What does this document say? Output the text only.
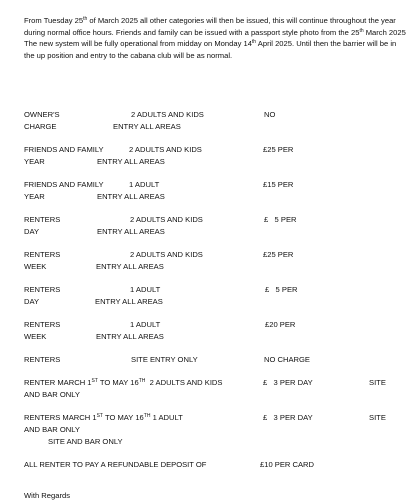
From Tuesday 25th of March 2025 all other categories will then be issued, this will continue throughout the year during normal office hours. Friends and family can be issued with a passport style photo from the 25th March 2025

The new system will be fully operational from midday on Monday 14th April 2025. Until then the barrier will be in the up position and entry to the cabana club will be as normal.

OWNER'S	2 ADULTS AND KIDS	NO
CHARGE	ENTRY ALL AREAS
FRIENDS AND FAMILY	2 ADULTS AND KIDS	£25 PER
YEAR	ENTRY ALL AREAS
FRIENDS AND FAMILY	1 ADULT	£15 PER
YEAR	ENTRY ALL AREAS
RENTERS	2 ADULTS AND KIDS	£   5 PER
DAY	ENTRY ALL AREAS
RENTERS	2 ADULTS AND KIDS	£25 PER
WEEK	ENTRY ALL AREAS
RENTERS	1 ADULT	£   5 PER
DAY	ENTRY ALL AREAS
RENTERS	1 ADULT	£20 PER
WEEK	ENTRY ALL AREAS
RENTERS	SITE ENTRY ONLY	NO CHARGE
RENTER MARCH 1ST TO MAY 16TH  2 ADULTS AND KIDS	£   3 PER DAY	SITE
AND BAR ONLY
RENTERS MARCH 1ST TO MAY 16TH 1 ADULT	£   3 PER DAY	SITE
AND BAR ONLY
SITE AND BAR ONLY
ALL RENTER TO PAY A REFUNDABLE DEPOSIT OF	£10 PER CARD
With Regards
